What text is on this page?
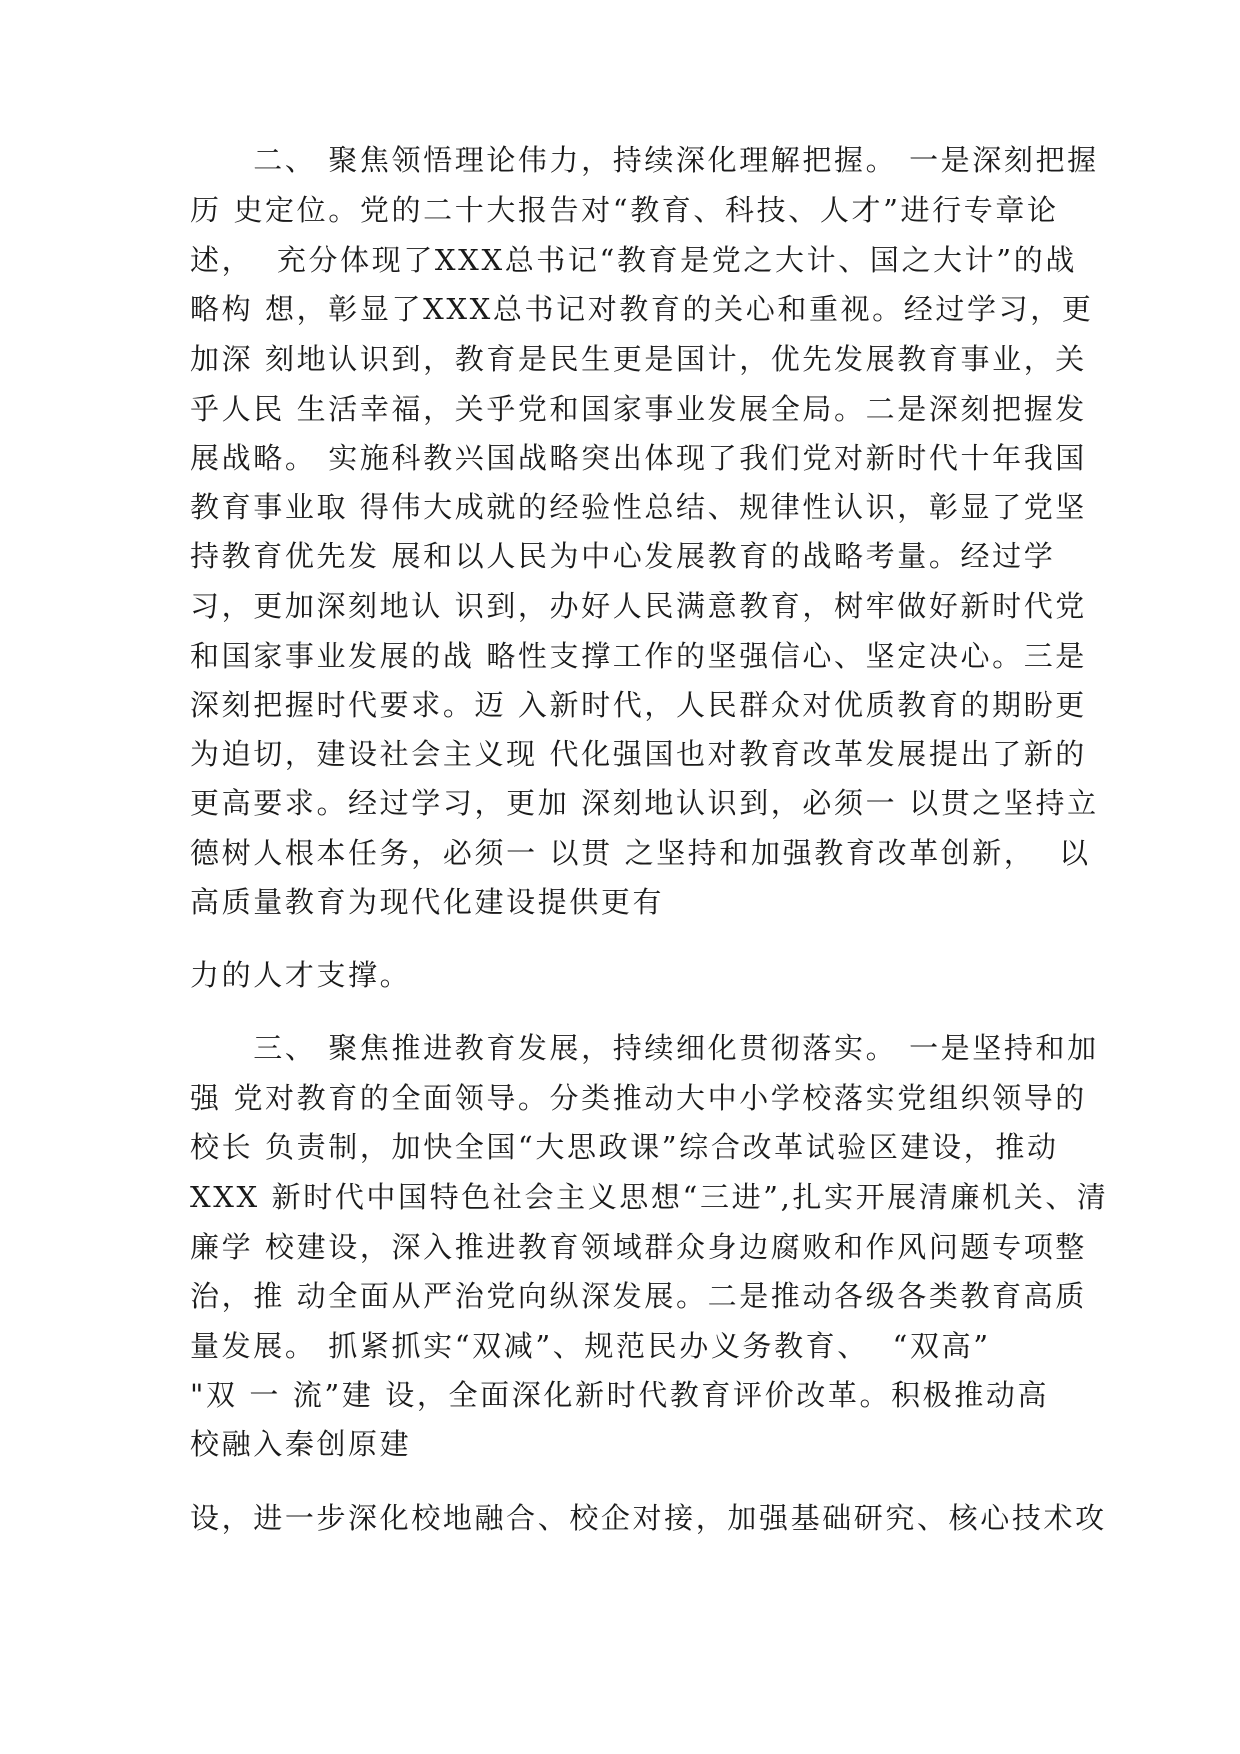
　　二、 聚焦领悟理论伟力，持续深化理解把握。 一是深刻把握
历 史定位。党的二十大报告对“教育、科技、人才”进行专章论
述，  充分体现了XXX总书记“教育是党之大计、国之大计”的战
略构 想，彰显了XXX总书记对教育的关心和重视。经过学习，更
加深 刻地认识到，教育是民生更是国计，优先发展教育事业，关
乎人民 生活幸福，关乎党和国家事业发展全局。二是深刻把握发
展战略。 实施科教兴国战略突出体现了我们党对新时代十年我国
教育事业取 得伟大成就的经验性总结、规律性认识，彰显了党坚
持教育优先发 展和以人民为中心发展教育的战略考量。经过学
习，更加深刻地认 识到，办好人民满意教育，树牢做好新时代党
和国家事业发展的战 略性支撑工作的坚强信心、坚定决心。三是
深刻把握时代要求。迈 入新时代，人民群众对优质教育的期盼更
为迫切，建设社会主义现 代化强国也对教育改革发展提出了新的
更高要求。经过学习，更加 深刻地认识到，必须一 以贯之坚持立
德树人根本任务，必须一 以贯 之坚持和加强教育改革创新，  以
高质量教育为现代化建设提供更有
力的人才支撑。
　　三、 聚焦推进教育发展，持续细化贯彻落实。 一是坚持和加
强 党对教育的全面领导。分类推动大中小学校落实党组织领导的
校长 负责制，加快全国“大思政课”综合改革试验区建设，推动
XXX 新时代中国特色社会主义思想“三进”,扎实开展清廉机关、清
廉学 校建设，深入推进教育领域群众身边腐败和作风问题专项整
治，推 动全面从严治党向纵深发展。二是推动各级各类教育高质
量发展。 抓紧抓实“双减”、规范民办义务教育、  “双高”
"双 一 流”建 设，全面深化新时代教育评价改革。积极推动高
校融入秦创原建
设，进一步深化校地融合、校企对接，加强基础研究、核心技术攻
